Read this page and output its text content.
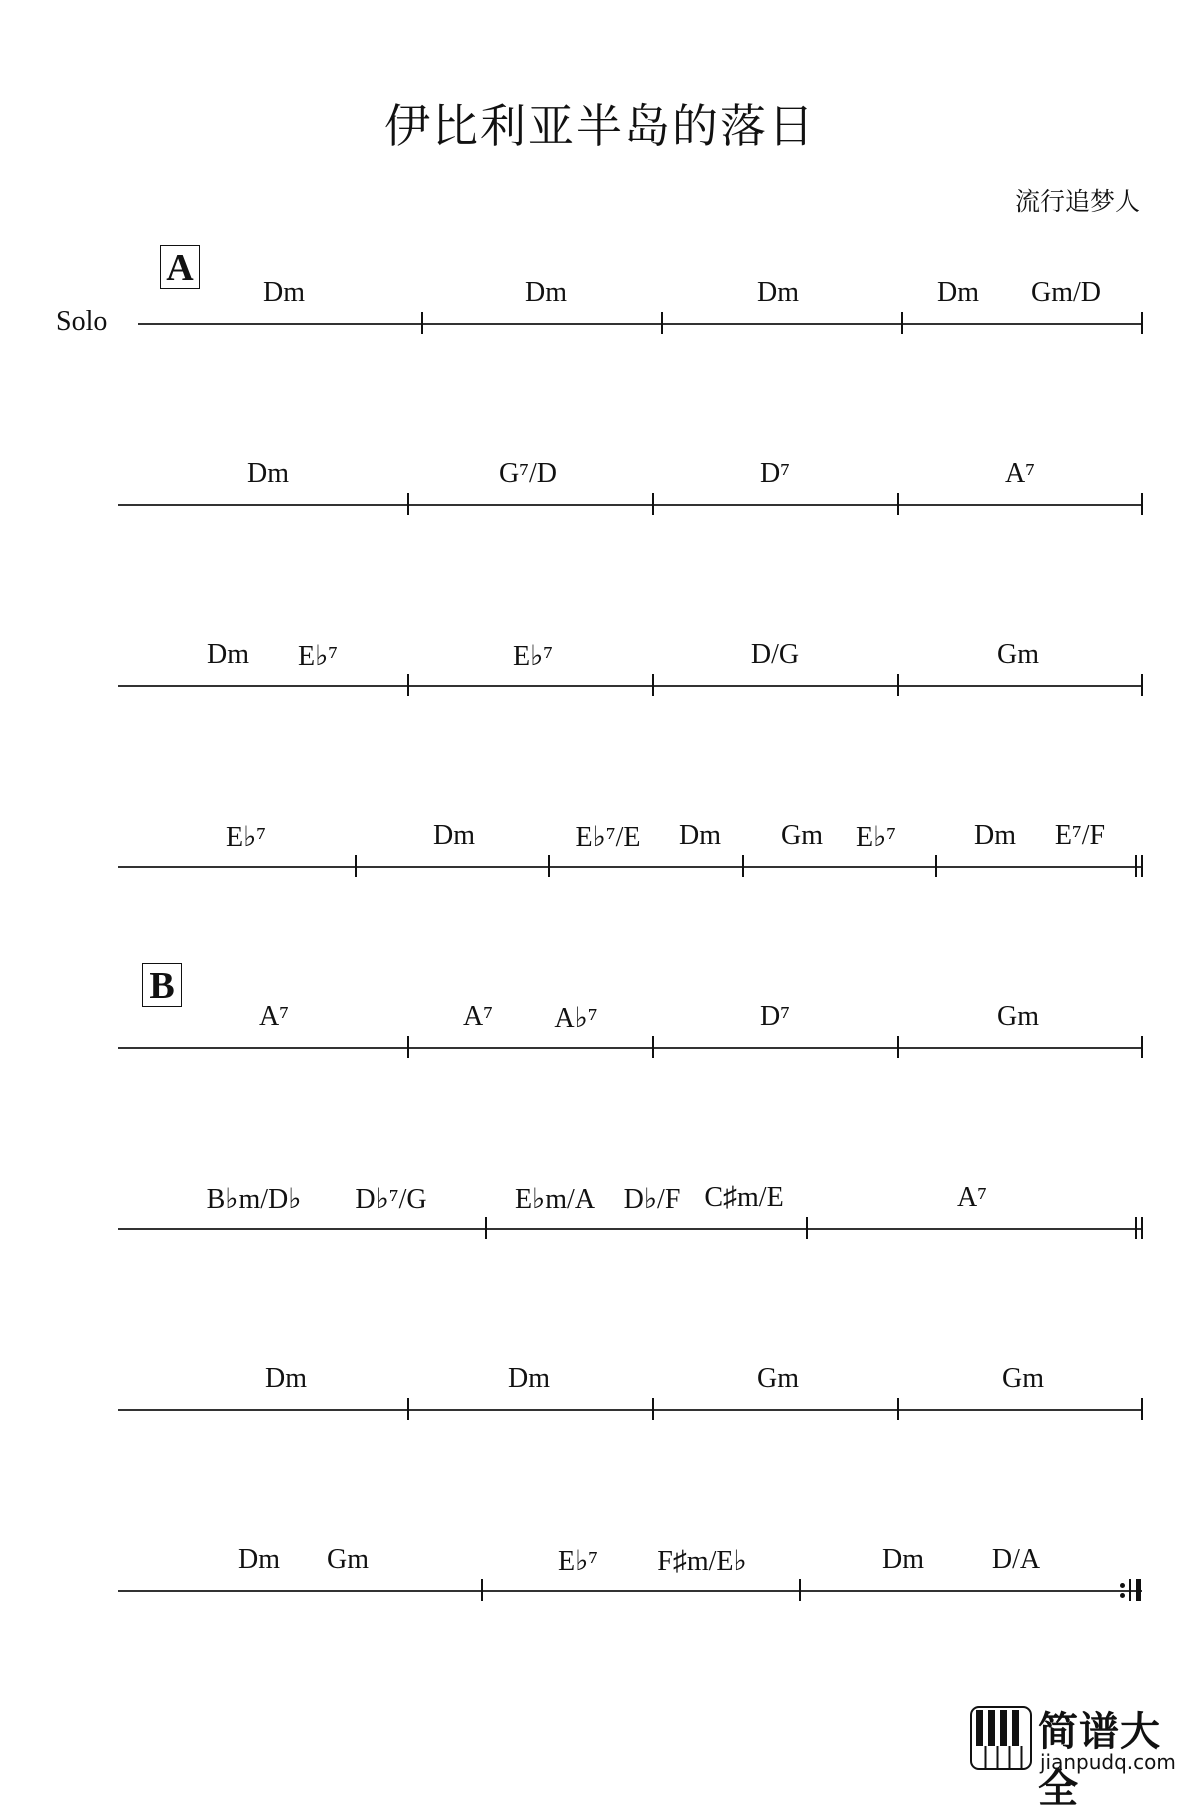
伊比利亚半岛的落日
流行追梦人
Solo
A
B
Dm	Dm	Dm	Dm Gm/D
Dm	G⁷/D	D⁷	A⁷
Dm E♭⁷	E♭⁷	D/G	Gm
E♭⁷	Dm	E♭⁷/E Dm Gm E♭⁷	Dm E⁷/F
A⁷	A⁷ A♭⁷	D⁷	Gm
B♭m/D♭ D♭⁷/G	E♭m/A D♭/F C♯m/E	A⁷
Dm	Dm	Gm	Gm
Dm Gm	E♭⁷ F♯m/E♭	Dm D/A
简谱大全
jianpudq.com
